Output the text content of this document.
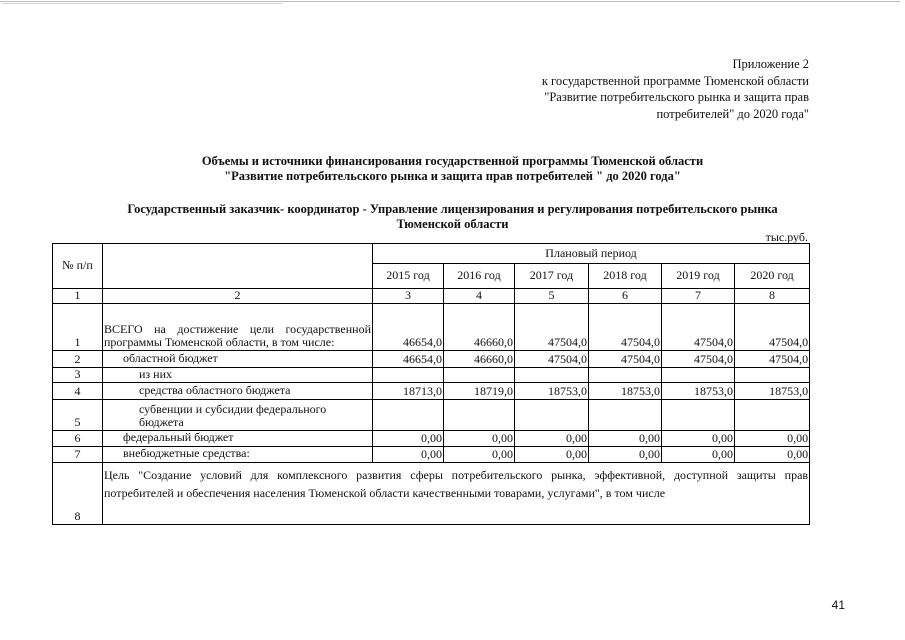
Приложение 2
к государственной программе Тюменской области
"Развитие потребительского рынка и защита прав
потребителей" до 2020 года"
Объемы и источники финансирования государственной программы Тюменской области
"Развитие потребительского рынка и защита прав потребителей " до 2020 года"
Государственный заказчик- координатор - Управление лицензирования и регулирования потребительского рынка
Тюменской области
тыс.руб.
№ п/п		Плановый период					
		2015 год	2016 год	2017 год	2018 год	2019 год	2020 год
1	2	3	4	5	6	7	8
1	ВСЕГО на достижение цели государственной программы Тюменской области, в том числе:	46654,0	46660,0	47504,0	47504,0	47504,0	47504,0
2	областной бюджет	46654,0	46660,0	47504,0	47504,0	47504,0	47504,0
3	из них						
4	средства областного бюджета	18713,0	18719,0	18753,0	18753,0	18753,0	18753,0
5	субвенции и субсидии федерального бюджета						
6	федеральный бюджет	0,00	0,00	0,00	0,00	0,00	0,00
7	внебюджетные средства:	0,00	0,00	0,00	0,00	0,00	0,00
8	Цель "Создание условий для комплексного развития сферы потребительского рынка, эффективной, доступной защиты прав потребителей и обеспечения населения Тюменской области качественными товарами, услугами", в том числе						
41
